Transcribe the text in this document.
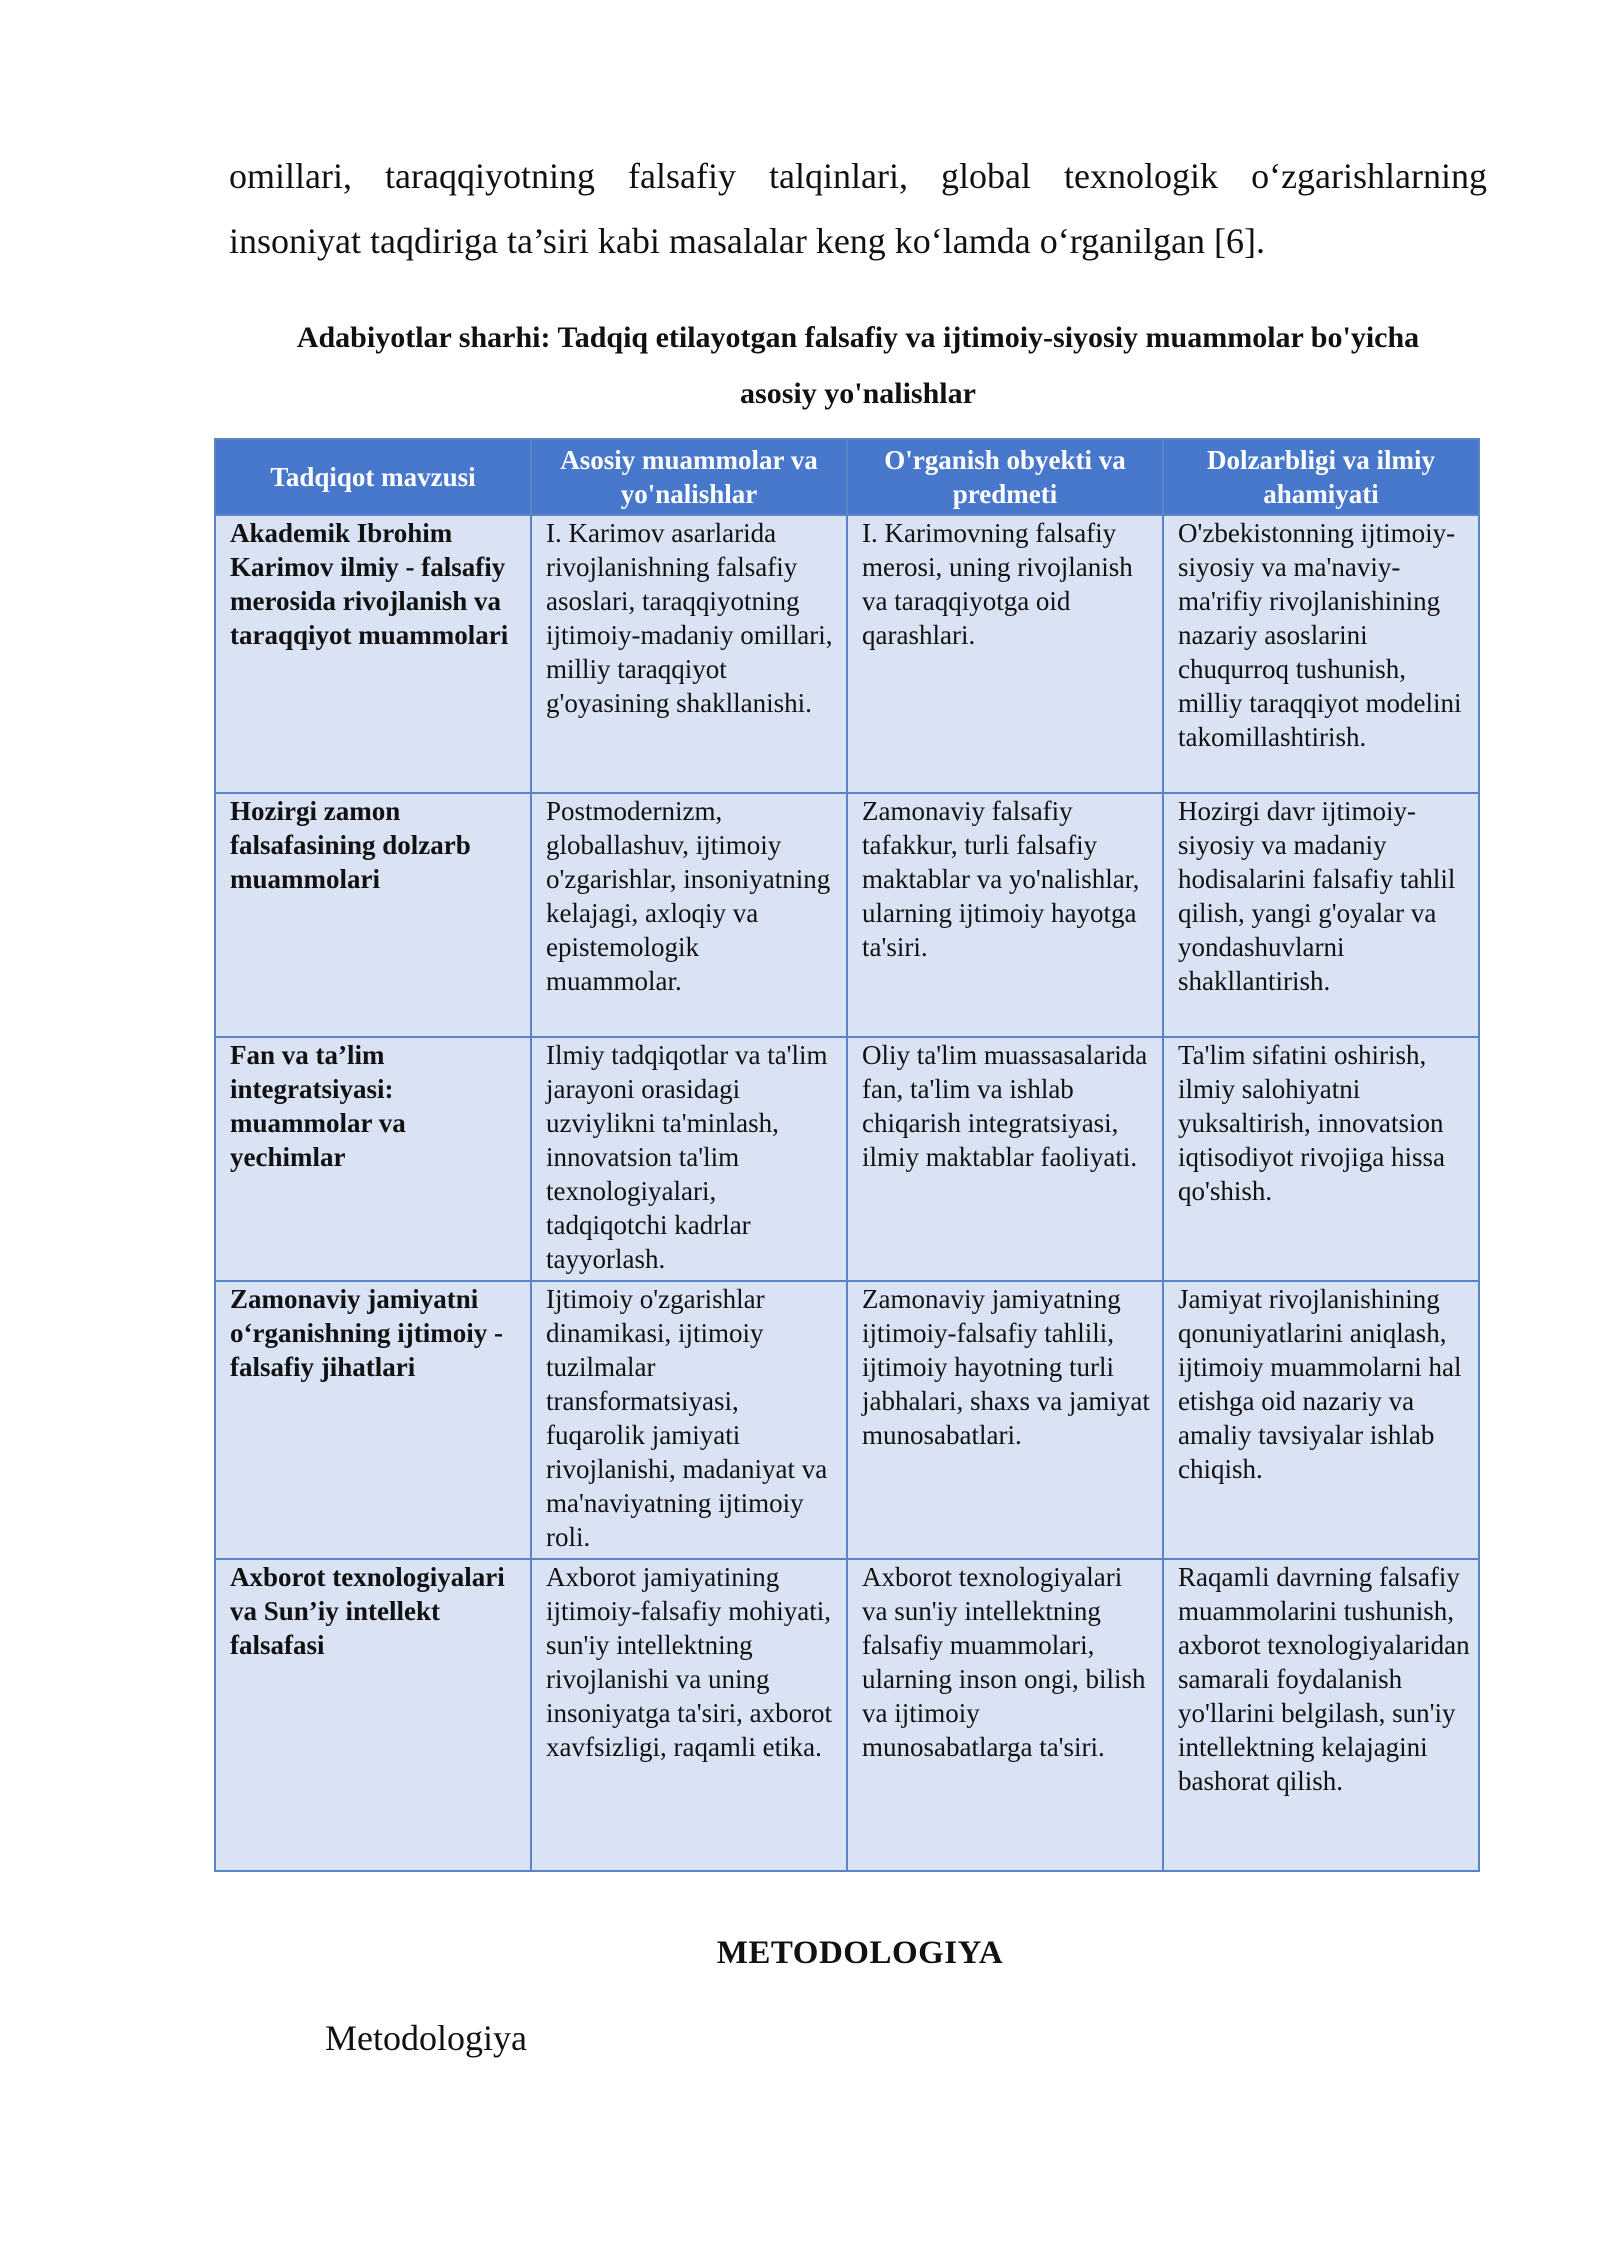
omillari, taraqqiyotning falsafiy talqinlari, global texnologik oʻzgarishlarning
insoniyat taqdiriga ta’siri kabi masalalar keng koʻlamda oʻrganilgan [6].
Adabiyotlar sharhi: Tadqiq etilayotgan falsafiy va ijtimoiy-siyosiy muammolar bo'yicha
asosiy yo'nalishlar
Tadqiqot mavzusi	Asosiy muammolar va yo'nalishlar	O'rganish obyekti va predmeti	Dolzarbligi va ilmiy ahamiyati
Akademik Ibrohim Karimov ilmiy - falsafiy merosida rivojlanish va taraqqiyot muammolari	I. Karimov asarlarida rivojlanishning falsafiy asoslari, taraqqiyotning ijtimoiy-madaniy omillari, milliy taraqqiyot g'oyasining shakllanishi.	I. Karimovning falsafiy merosi, uning rivojlanish va taraqqiyotga oid qarashlari.	O'zbekistonning ijtimoiy-siyosiy va ma'naviy-ma'rifiy rivojlanishining nazariy asoslarini chuqurroq tushunish, milliy taraqqiyot modelini takomillashtirish.
Hozirgi zamon falsafasining dolzarb muammolari	Postmodernizm, globallashuv, ijtimoiy o'zgarishlar, insoniyatning kelajagi, axloqiy va epistemologik muammolar.	Zamonaviy falsafiy tafakkur, turli falsafiy maktablar va yo'nalishlar, ularning ijtimoiy hayotga ta'siri.	Hozirgi davr ijtimoiy-siyosiy va madaniy hodisalarini falsafiy tahlil qilish, yangi g'oyalar va yondashuvlarni shakllantirish.
Fan va ta’lim integratsiyasi: muammolar va yechimlar	Ilmiy tadqiqotlar va ta'lim jarayoni orasidagi uzviylikni ta'minlash, innovatsion ta'lim texnologiyalari, tadqiqotchi kadrlar tayyorlash.	Oliy ta'lim muassasalarida fan, ta'lim va ishlab chiqarish integratsiyasi, ilmiy maktablar faoliyati.	Ta'lim sifatini oshirish, ilmiy salohiyatni yuksaltirish, innovatsion iqtisodiyot rivojiga hissa qo'shish.
Zamonaviy jamiyatni oʻrganishning ijtimoiy -falsafiy jihatlari	Ijtimoiy o'zgarishlar dinamikasi, ijtimoiy tuzilmalar transformatsiyasi, fuqarolik jamiyati rivojlanishi, madaniyat va ma'naviyatning ijtimoiy roli.	Zamonaviy jamiyatning ijtimoiy-falsafiy tahlili, ijtimoiy hayotning turli jabhalari, shaxs va jamiyat munosabatlari.	Jamiyat rivojlanishining qonuniyatlarini aniqlash, ijtimoiy muammolarni hal etishga oid nazariy va amaliy tavsiyalar ishlab chiqish.
Axborot texnologiyalari va Sun’iy intellekt falsafasi	Axborot jamiyatining ijtimoiy-falsafiy mohiyati, sun'iy intellektning rivojlanishi va uning insoniyatga ta'siri, axborot xavfsizligi, raqamli etika.	Axborot texnologiyalari va sun'iy intellektning falsafiy muammolari, ularning inson ongi, bilish va ijtimoiy munosabatlarga ta'siri.	Raqamli davrning falsafiy muammolarini tushunish, axborot texnologiyalaridan samarali foydalanish yo'llarini belgilash, sun'iy intellektning kelajagini bashorat qilish.
METODOLOGIYA
Metodologiya
